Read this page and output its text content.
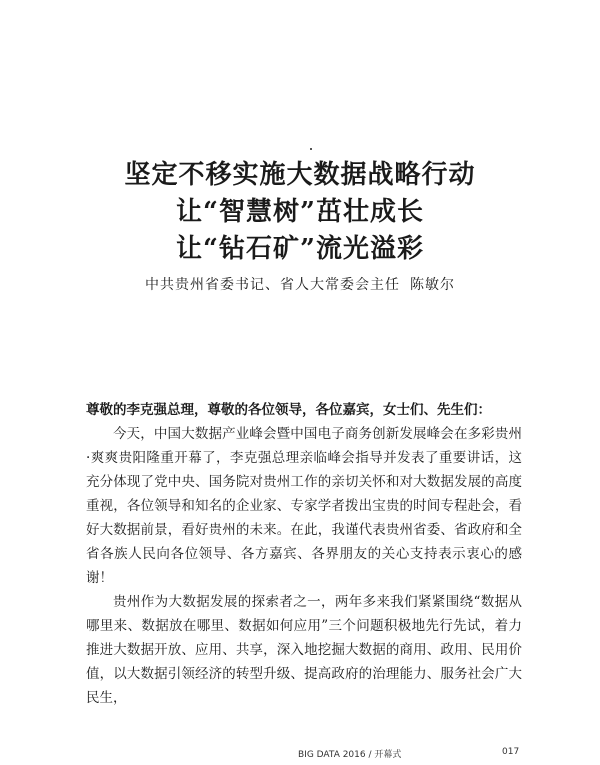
坚定不移实施大数据战略行动
让“智慧树”茁壮成长
让“钻石矿”流光溢彩
中共贵州省委书记、省人大常委会主任 陈敏尔

尊敬的李克强总理，尊敬的各位领导，各位嘉宾，女士们、先生们：

今天，中国大数据产业峰会暨中国电子商务创新发展峰会在多彩贵州·爽爽贵阳隆重开幕了，李克强总理亲临峰会指导并发表了重要讲话，这充分体现了党中央、国务院对贵州工作的亲切关怀和对大数据发展的高度重视，各位领导和知名的企业家、专家学者拨出宝贵的时间专程赴会，看好大数据前景，看好贵州的未来。在此，我谨代表贵州省委、省政府和全省各族人民向各位领导、各方嘉宾、各界朋友的关心支持表示衷心的感谢！

贵州作为大数据发展的探索者之一，两年多来我们紧紧围绕“数据从哪里来、数据放在哪里、数据如何应用”三个问题积极地先行先试，着力推进大数据开放、应用、共享，深入地挖掘大数据的商用、政用、民用价值，以大数据引领经济的转型升级、提高政府的治理能力、服务社会广大民生，

BIG DATA 2016 / 开幕式	017
